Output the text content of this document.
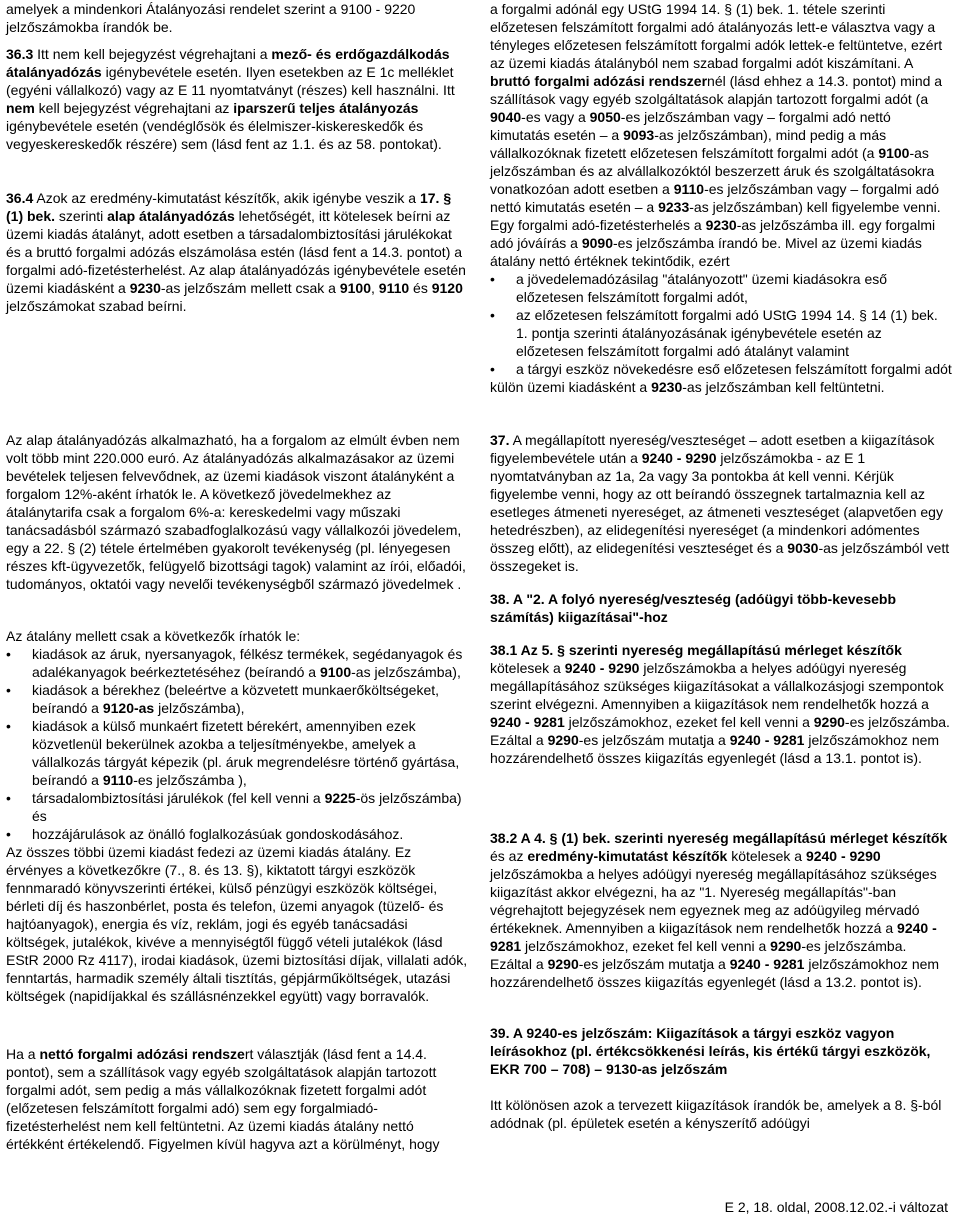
amelyek a mindenkori Átalányozási rendelet szerint a 9100 - 9220 jelzőszámokba írandók be.

36.3 Itt nem kell bejegyzést végrehajtani a mező- és erdőgazdálkodás átalányadózás igénybevétele esetén. Ilyen esetekben az E 1c melléklet (egyéni vállalkozó) vagy az E 11 nyomtatványt (részes) kell használni. Itt nem kell bejegyzést végrehajtani az iparszerű teljes átalányozás igénybevétele esetén (vendéglősök és élelmiszer-kiskereskedők és vegyeskereskedők részére) sem (lásd fent az 1.1. és az 58. pontokat).

36.4 Azok az eredmény-kimutatást készítők, akik igénybe veszik a 17. § (1) bek. szerinti alap átalányadózás lehetőségét, itt kötelesek beírni az üzemi kiadás átalányt, adott esetben a társadalombiztosítási járulékokat és a bruttó forgalmi adózás elszámolása estén (lásd fent a 14.3. pontot) a forgalmi adó-fizetésterhelést. Az alap átalányadózás igénybevétele esetén üzemi kiadásként a 9230-as jelzőszám mellett csak a 9100, 9110 és 9120 jelzőszámokat szabad beírni.

Az alap átalányadózás alkalmazható, ha a forgalom az elmúlt évben nem volt több mint 220.000 euró. Az átalányadózás alkalmazásakor az üzemi bevételek teljesen felvevődnek, az üzemi kiadások viszont átalányként a forgalom 12%-aként írhatók le. A következő jövedelmekhez az átalánytarifa csak a forgalom 6%-a: kereskedelmi vagy műszaki tanácsadásból származó szabadfoglalkozású vagy vállalkozói jövedelem, egy a 22. § (2) tétele értelmében gyakorolt tevékenység (pl. lényegesen részes kft-ügyvezetők, felügyelő bizottsági tagok) valamint az írói, előadói, tudományos, oktatói vagy nevelői tevékenységből származó jövedelmek .

Az átalány mellett csak a következők írhatók le:

• kiadások az áruk, nyersanyagok, félkész termékek, segédanyagok és adalékanyagok beérkeztetéséhez (beírandó a 9100-as jelzőszámba),

• kiadások a bérekhez (beleértve a közvetett munkaerőköltségeket, beírandó a 9120-as jelzőszámba),

• kiadások a külső munkaért fizetett bérekért, amennyiben ezek közvetlenül bekerülnek azokba a teljesítményekbe, amelyek a vállalkozás tárgyát képezik (pl. áruk megrendelésre történő gyártása, beírandó a 9110-es jelzőszámba ),

• társadalombiztosítási járulékok (fel kell venni a 9225-ös jelzőszámba) és

• hozzájárulások az önálló foglalkozásúak gondoskodásához.

Az összes többi üzemi kiadást fedezi az üzemi kiadás átalány. Ez érvényes a következőkre (7., 8. és 13. §), kiktatott tárgyi eszközök fennmaradó könyvszerinti értékei, külső pénzügyi eszközök költségei, bérleti díj és haszonbérlet, posta és telefon, üzemi anyagok (tüzelő- és hajtóanyagok), energia és víz, reklám, jogi és egyéb tanácsadási költségek, jutalékok, kivéve a mennyiségtől függő vételi jutalékok (lásd EStR 2000 Rz 4117), irodai kiadások, üzemi biztosítási díjak, villalati adók, fenntartás, harmadik személy általi tisztítás, gépjárműköltségek, utazási költségek (napidíjakkal és szállásпénzekkel együtt) vagy borravalók.

Ha a nettó forgalmi adózási rendszert választják (lásd fent a 14.4. pontot), sem a szállítások vagy egyéb szolgáltatások alapján tartozott forgalmi adót, sem pedig a más vállalkozóknak fizetett forgalmi adót (előzetesen felszámított forgalmi adó) sem egy forgalmiadó-fizetésterhelést nem kell feltüntetni. Az üzemi kiadás átalány nettó értékként értékelendő. Figyelmen kívül hagyva azt a körülményt, hogy

a forgalmi adónál egy UStG 1994 14. § (1) bek. 1. tétele szerinti előzetesen felszámított forgalmi adó átalányozás lett-e választva vagy a tényleges előzetesen felszámított forgalmi adók lettek-e feltüntetve, ezért az üzemi kiadás átalányból nem szabad forgalmi adót kiszámítani. A bruttó forgalmi adózási rendszernél (lásd ehhez a 14.3. pontot) mind a szállítások vagy egyéb szolgáltatások alapján tartozott forgalmi adót (a 9040-es vagy a 9050-es jelzőszámban vagy – forgalmi adó nettó kimutatás esetén – a 9093-as jelzőszámban), mind pedig a más vállalkozóknak fizetett előzetesen felszámított forgalmi adót (a 9100-as jelzőszámban és az alvállalkozóktól beszerzett áruk és szolgáltatásokra vonatkozóan adott esetben a 9110-es jelzőszámban vagy – forgalmi adó nettó kimutatás esetén – a 9233-as jelzőszámban) kell figyelembe venni. Egy forgalmi adó-fizetésterhelés a 9230-as jelzőszámba ill. egy forgalmi adó jóváírás a 9090-es jelzőszámba írandó be. Mivel az üzemi kiadás átalány nettó értéknek tekintődik, ezért

• a jövedelemadózásilag "átalányozott" üzemi kiadásokra eső előzetesen felszámított forgalmi adót,

• az előzetesen felszámított forgalmi adó UStG 1994 14. § 14 (1) bek. 1. pontja szerinti átalányozásának igénybevétele esetén az előzetesen felszámított forgalmi adó átalányt valamint

• a tárgyi eszköz növekedésre eső előzetesen felszámított forgalmi adót

külön üzemi kiadásként a 9230-as jelzőszámban kell feltüntetni.

37. A megállapított nyereség/veszteséget – adott esetben a kiigazítások figyelembevétele után a 9240 - 9290 jelzőszámokba - az E 1 nyomtatványban az 1a, 2a vagy 3a pontokba át kell venni. Kérjük figyelembe venni, hogy az ott beírandó összegnek tartalmaznia kell az esetleges átmeneti nyereséget, az átmeneti veszteséget (alapvetően egy hetedrészben), az elidegenítési nyereséget (a mindenkori adómentes összeg előtt), az elidegenítési veszteséget és a 9030-as jelzőszámból vett összegeket is.

38. A "2. A folyó nyereség/veszteség (adóügyi több-kevesebb számítás) kiigazításai"-hoz

38.1 Az 5. § szerinti nyereség megállapítású mérleget készítők kötelesek a 9240 - 9290 jelzőszámokba a helyes adóügyi nyereség megállapításához szükséges kiigazításokat a vállalkozásjogi szempontok szerint elvégezni. Amennyiben a kiigazítások nem rendelhetők hozzá a 9240 - 9281 jelzőszámokhoz, ezeket fel kell venni a 9290-es jelzőszámba. Ezáltal a 9290-es jelzőszám mutatja a 9240 - 9281 jelzőszámokhoz nem hozzárendelhető összes kiigazítás egyenlegét (lásd a 13.1. pontot is).

38.2 A 4. § (1) bek. szerinti nyereség megállapítású mérleget készítők és az eredmény-kimutatást készítők kötelesek a 9240 - 9290 jelzőszámokba a helyes adóügyi nyereség megállapításához szükséges kiigazítást akkor elvégezni, ha az "1. Nyereség megállapítás"-ban végrehajtott bejegyzések nem egyeznek meg az adóügyileg mérvadó értékeknek. Amennyiben a kiigazítások nem rendelhetők hozzá a 9240 - 9281 jelzőszámokhoz, ezeket fel kell venni a 9290-es jelzőszámba. Ezáltal a 9290-es jelzőszám mutatja a 9240 - 9281 jelzőszámokhoz nem hozzárendelhető összes kiigazítás egyenlegét (lásd a 13.2. pontot is).

39. A 9240-es jelzőszám: Kiigazítások a tárgyi eszköz vagyon leírásokhoz (pl. értékcsökkenési leírás, kis értékű tárgyi eszközök, EKR 700 – 708) – 9130-as jelzőszám

Itt kölönösen azok a tervezett kiigazítások írandók be, amelyek a 8. §-ból adódnak (pl. épületek esetén a kényszerítő adóügyi

E 2, 18. oldal, 2008.12.02.-i változat
